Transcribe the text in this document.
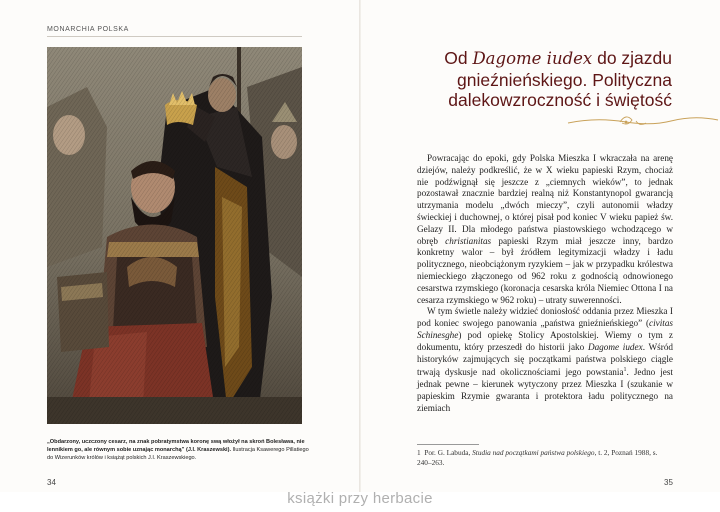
MONARCHIA POLSKA
„Obdarzony, uczczony cesarz, na znak pobratymstwa koronę swą włożył na skroń Bolesława, nie lennikiem go, ale równym sobie uznając monarchą” (J.I. Kraszewski). Ilustracja Ksawerego Pillatiego do Wizerunków królów i książąt polskich J.I. Kraszewskiego.
34
Od Dagome iudex do zjazdu gnieźnieńskiego. Polityczna dalekowzroczność i świętość

Powracając do epoki, gdy Polska Mieszka I wkraczała na arenę dziejów, należy podkreślić, że w X wieku papieski Rzym, chociaż nie podźwignął się jeszcze z „ciemnych wieków”, to jednak pozostawał znacznie bardziej realną niż Konstantynopol gwarancją utrzymania modelu „dwóch mieczy”, czyli autonomii władzy świeckiej i duchownej, o której pisał pod koniec V wieku papież św. Gelazy II. Dla młodego państwa piastowskiego wchodzącego w obręb christianitas papieski Rzym miał jeszcze inny, bardzo konkretny walor – był źródłem legitymizacji władzy i ładu politycznego, nieobciążonym ryzykiem – jak w przypadku królestwa niemieckiego złączonego od 962 roku z godnością odnowionego cesarstwa rzymskiego (koronacja cesarska króla Niemiec Ottona I na cesarza rzymskiego w 962 roku) – utraty suwerenności.

W tym świetle należy widzieć doniosłość oddania przez Mieszka I pod koniec swojego panowania „państwa gnieźnieńskiego” (civitas Schinesghe) pod opiekę Stolicy Apostolskiej. Wiemy o tym z dokumentu, który przeszedł do historii jako Dagome iudex. Wśród historyków zajmujących się początkami państwa polskiego ciągle trwają dyskusje nad okolicznościami jego powstania$^1$. Jedno jest jednak pewne – kierunek wytyczony przez Mieszka I (szukanie w papieskim Rzymie gwaranta i protektora ładu politycznego na ziemiach

1 Por. G. Labuda, Studia nad początkami państwa polskiego, t. 2, Poznań 1988, s. 240–263.
35
książki przy herbacie
